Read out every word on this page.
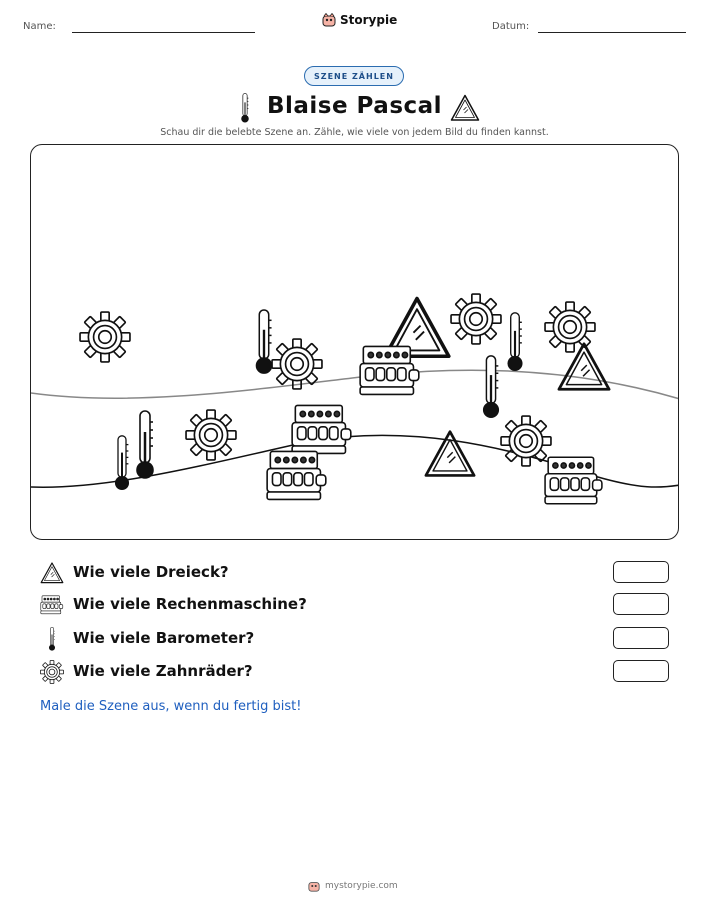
Name:	Storypie	Datum:
SZENE ZÄHLEN
Blaise Pascal
Schau dir die belebte Szene an. Zähle, wie viele von jedem Bild du finden kannst.
Wie viele Dreieck?
Wie viele Rechenmaschine?
Wie viele Barometer?
Wie viele Zahnräder?
Male die Szene aus, wenn du fertig bist!
mystorypie.com
